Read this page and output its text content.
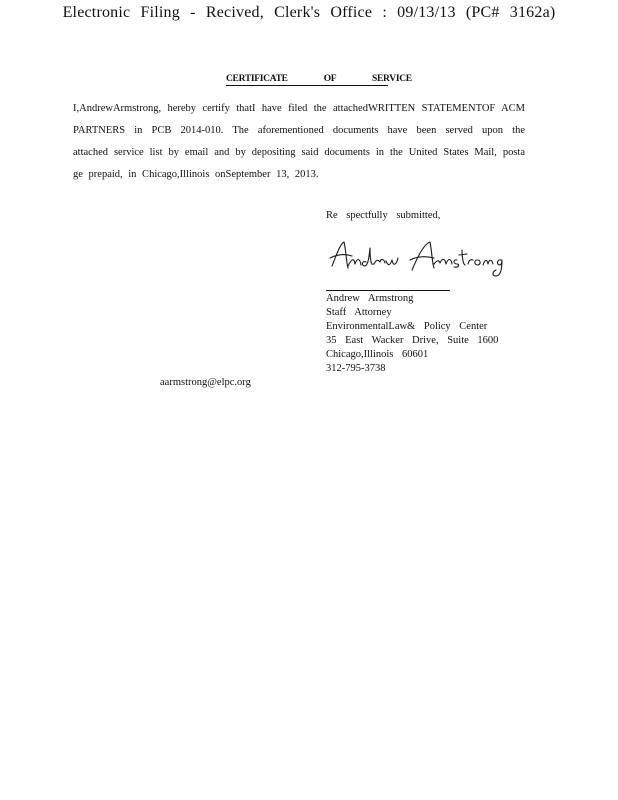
Electronic Filing - Recived, Clerk's Office : 09/13/13 (PC# 3162a)
CERTIFICATE OF SERVICE

I,AndrewArmstrong, hereby certify thatI have filed the attachedWRITTEN STATEMENTOF ACM PARTNERS in PCB 2014-010. The aforementioned documents have been served upon the attached service list by email and by depositing said documents in the United States Mail, posta ge prepaid, in Chicago,Illinois onSeptember 13, 2013.

Re spectfully submitted,
Andrew Armstrong
Staff Attorney
EnvironmentalLaw& Policy Center
35 East Wacker Drive, Suite 1600
Chicago,Illinois 60601
312-795-3738
aarmstrong@elpc.org
